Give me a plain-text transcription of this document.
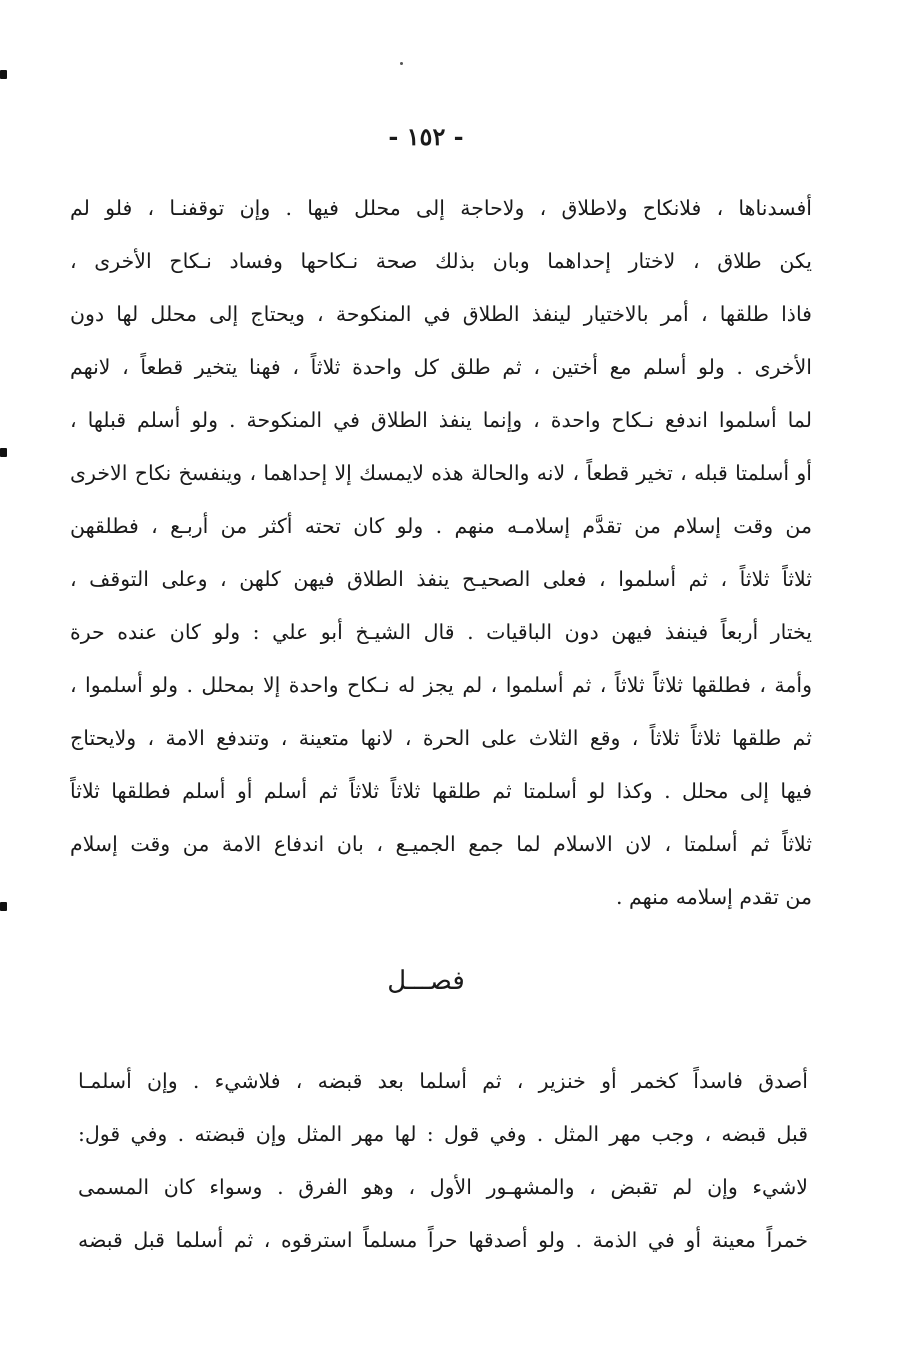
- ١٥٢ -
أفسدناها ، فلانكاح ولاطلاق ، ولاحاجة إلى محلل فيها . وإن توقفنـا ، فلو لم
يكن طلاق ، لاختار إحداهما وبان بذلك صحة نـكاحها وفساد نـكاح الأخرى ،
فاذا طلقها ، أمر بالاختيار لينفذ الطلاق في المنكوحة ، ويحتاج إلى محلل لها دون
الأخرى . ولو أسلم مع أختين ، ثم طلق كل واحدة ثلاثاً ، فهنا يتخير قطعاً ، لانهم
لما أسلموا اندفع نـكاح واحدة ، وإنما ينفذ الطلاق في المنكوحة . ولو أسلم قبلها ،
أو أسلمتا قبله ، تخير قطعاً ، لانه والحالة هذه لايمسك إلا إحداهما ، وينفسخ نكاح الاخرى
من وقت إسلام من تقدَّم إسلامـه منهم . ولو كان تحته أكثر من أربـع ، فطلقهن
ثلاثاً ثلاثاً ، ثم أسلموا ، فعلى الصحيـح ينفذ الطلاق فيهن كلهن ، وعلى التوقف ،
يختار أربعاً فينفذ فيهن دون الباقيات . قال الشيـخ أبو علي : ولو كان عنده حرة
وأمة ، فطلقها ثلاثاً ثلاثاً ، ثم أسلموا ، لم يجز له نـكاح واحدة إلا بمحلل . ولو أسلموا ،
ثم طلقها ثلاثاً ثلاثاً ، وقع الثلاث على الحرة ، لانها متعينة ، وتندفع الامة ، ولايحتاج
فيها إلى محلل . وكذا لو أسلمتا ثم طلقها ثلاثاً ثلاثاً ثم أسلم أو أسلم فطلقها ثلاثاً
ثلاثاً ثم أسلمتا ، لان الاسلام لما جمع الجميـع ، بان اندفاع الامة من وقت إسلام
من تقدم إسلامه منهم .
فصـــل
أصدق فاسداً كخمر أو خنزير ، ثم أسلما بعد قبضه ، فلاشيء . وإن أسلمـا
قبل قبضه ، وجب مهر المثل . وفي قول : لها مهر المثل وإن قبضته . وفي قول:
لاشيء وإن لم تقبض ، والمشهـور الأول ، وهو الفرق . وسواء كان المسمى
خمراً معينة أو في الذمة . ولو أصدقها حراً مسلماً استرقوه ، ثم أسلما قبل قبضه
